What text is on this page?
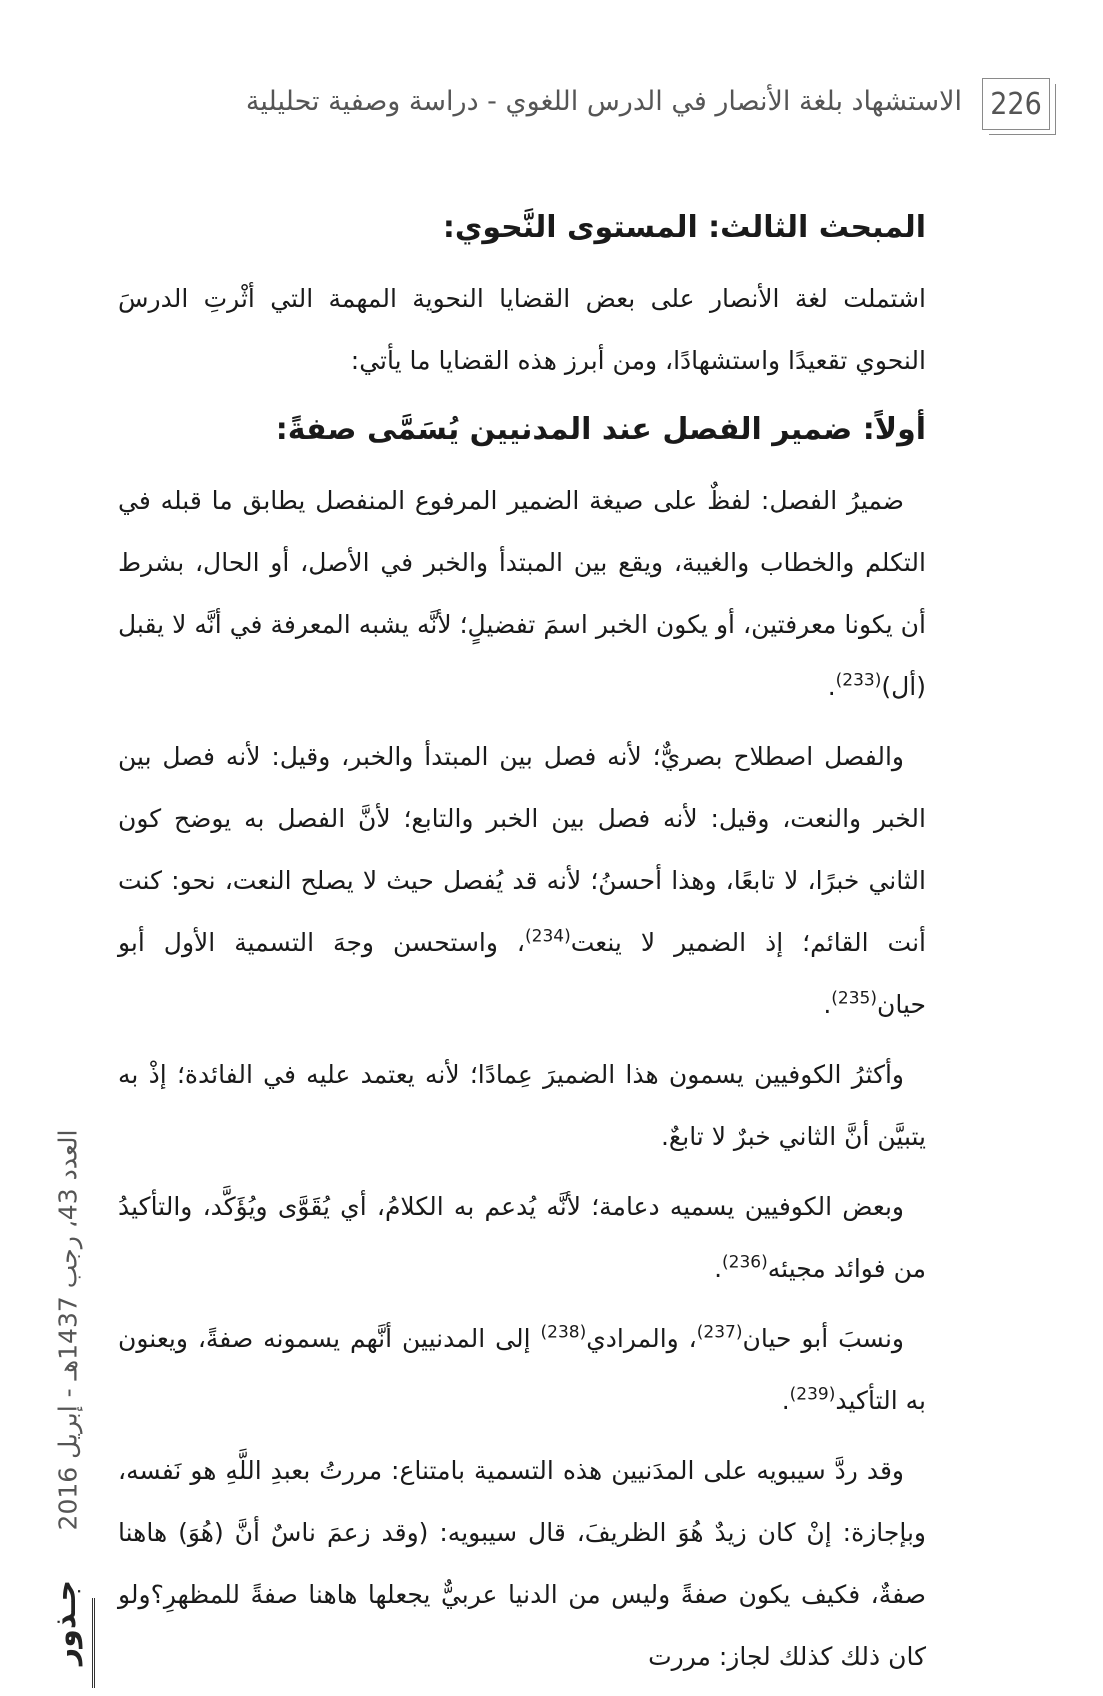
226
الاستشهاد بلغة الأنصار في الدرس اللغوي - دراسة وصفية تحليلية
المبحث الثالث: المستوى النَّحوي:

اشتملت لغة الأنصار على بعض القضايا النحوية المهمة التي أثْرتِ الدرسَ النحوي تقعيدًا واستشهادًا، ومن أبرز هذه القضايا ما يأتي:

أولاً: ضمير الفصل عند المدنيين يُسَمَّى صفةً:

ضميرُ الفصل: لفظٌ على صيغة الضمير المرفوع المنفصل يطابق ما قبله في التكلم والخطاب والغيبة، ويقع بين المبتدأ والخبر في الأصل، أو الحال، بشرط أن يكونا معرفتين، أو يكون الخبر اسمَ تفضيلٍ؛ لأنَّه يشبه المعرفة في أنَّه لا يقبل (أل)$^{(233)}$.

والفصل اصطلاح بصريٌّ؛ لأنه فصل بين المبتدأ والخبر، وقيل: لأنه فصل بين الخبر والنعت، وقيل: لأنه فصل بين الخبر والتابع؛ لأنَّ الفصل به يوضح كون الثاني خبرًا، لا تابعًا، وهذا أحسنُ؛ لأنه قد يُفصل حيث لا يصلح النعت، نحو: كنت أنت القائم؛ إذ الضمير لا ينعت$^{(234)}$، واستحسن وجهَ التسمية الأول أبو حيان$^{(235)}$.

وأكثرُ الكوفيين يسمون هذا الضميرَ عِمادًا؛ لأنه يعتمد عليه في الفائدة؛ إذْ به يتبيَّن أنَّ الثاني خبرٌ لا تابعٌ.

وبعض الكوفيين يسميه دعامة؛ لأنَّه يُدعم به الكلامُ، أي يُقَوَّى ويُؤَكَّد، والتأكيدُ من فوائد مجيئه$^{(236)}$.

ونسبَ أبو حيان$^{(237)}$، والمرادي$^{(238)}$ إلى المدنيين أنَّهم يسمونه صفةً، ويعنون به التأكيد$^{(239)}$.

وقد ردَّ سيبويه على المدَنيين هذه التسمية بامتناع: مررتُ بعبدِ اللَّهِ هو نَفسه، وبإجازة: إنْ كان زيدٌ هُوَ الظريفَ، قال سيبويه: (وقد زعمَ ناسٌ أنَّ (هُوَ) هاهنا صفةٌ، فكيف يكون صفةً وليس من الدنيا عربيٌّ يجعلها هاهنا صفةً للمظهرِ؟ولو كان ذلك كذلك لجاز: مررت

العدد 43، رجب 1437هـ - إبريل 2016
جـذور
